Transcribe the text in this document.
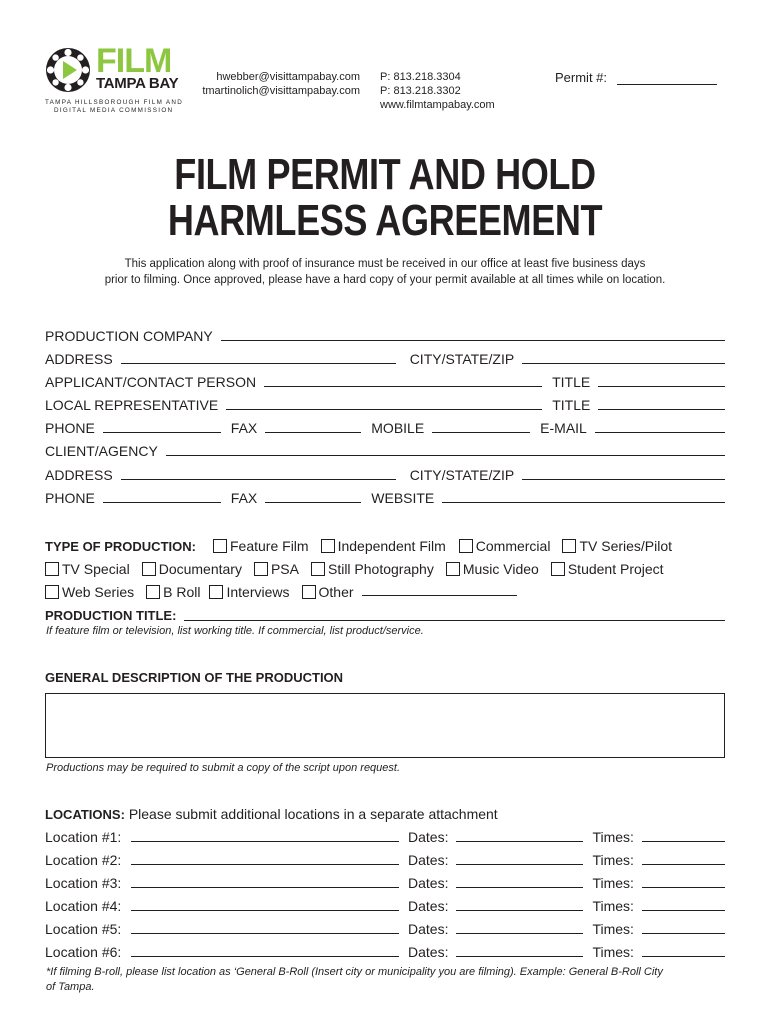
FILM
TAMPA BAY
TAMPA HILLSBOROUGH FILM AND
DIGITAL MEDIA COMMISSION
hwebber@visittampabay.com
tmartinolich@visittampabay.com
P: 813.218.3304
P: 813.218.3302
www.filmtampabay.com
Permit #:
FILM PERMIT AND HOLD
HARMLESS AGREEMENT
This application along with proof of insurance must be received in our office at least five business days
prior to filming. Once approved, please have a hard copy of your permit available at all times while on location.
PRODUCTION COMPANY
ADDRESS	CITY/STATE/ZIP
APPLICANT/CONTACT PERSON	TITLE
LOCAL REPRESENTATIVE	TITLE
PHONE	FAX	MOBILE	E-MAIL
CLIENT/AGENCY
ADDRESS	CITY/STATE/ZIP
PHONE	FAX	WEBSITE
TYPE OF PRODUCTION:	Feature Film Independent Film Commercial TV Series/Pilot
TV Special Documentary PSA Still Photography Music Video Student Project
Web Series B Roll Interviews Other
PRODUCTION TITLE:
If feature film or television, list working title. If commercial, list product/service.
GENERAL DESCRIPTION OF THE PRODUCTION
Productions may be required to submit a copy of the script upon request.
LOCATIONS: Please submit additional locations in a separate attachment
Location #1:	Dates:	Times:
Location #2:	Dates:	Times:
Location #3:	Dates:	Times:
Location #4:	Dates:	Times:
Location #5:	Dates:	Times:
Location #6:	Dates:	Times:
*If filming B-roll, please list location as ‘General B-Roll (Insert city or municipality you are filming). Example: General B-Roll City
of Tampa.
